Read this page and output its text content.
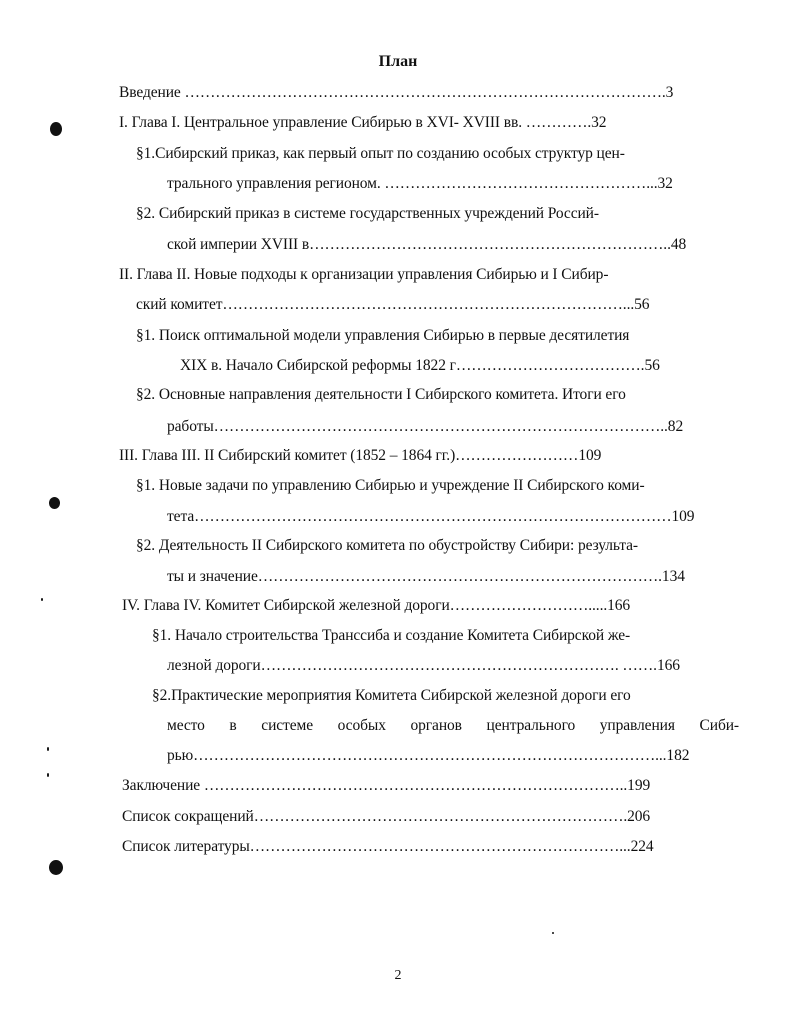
План
Введение ………………………………………………………………………………….3
I. Глава I. Центральное управление Сибирью в XVI- XVIII вв. ………….32
§1.Сибирский приказ, как первый опыт по созданию особых структур цен-
трального управления регионом. ……………………………………………...32
§2. Сибирский приказ в системе государственных учреждений Россий-
ской империи XVIII в……………………………………………………………..48
II. Глава II. Новые подходы к организации управления Сибирью и I Сибир-
ский комитет……………………………………………………………………...56
§1. Поиск оптимальной модели управления Сибирью в первые десятилетия
XIX в. Начало Сибирской реформы 1822 г……………………………….56
§2. Основные направления деятельности I Сибирского комитета. Итоги его
работы……………………………………………………………………………..82
III. Глава III. II Сибирский комитет (1852 – 1864 гг.)……………………109
§1. Новые задачи по управлению Сибирью и учреждение II Сибирского коми-
тета…………………………………………………………………………………109
§2. Деятельность II Сибирского комитета по обустройству Сибири: результа-
ты и значение…………………………………………………………………….134
IV. Глава IV. Комитет Сибирской железной дороги……………………….....166
§1. Начало строительства Транссиба и создание Комитета Сибирской же-
лезной дороги……………………………………………………………. …….166
§2.Практические мероприятия Комитета Сибирской железной дороги его
место в системе особых органов центрального управления Сиби-
рью………………………………………………………………………………...182
Заключение ………………………………………………………………………..199
Список сокращений……………………………………………………………….206
Список литературы………………………………………………………………...224
2
